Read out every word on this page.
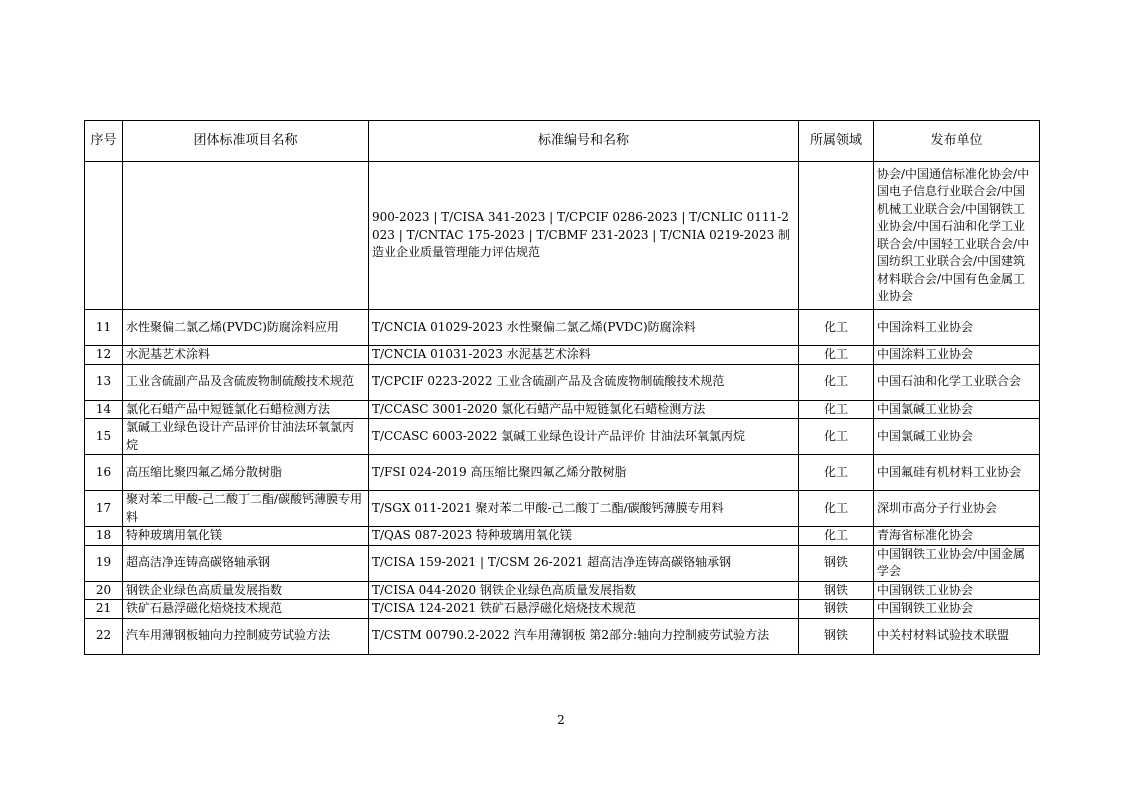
序号	团体标准项目名称	标准编号和名称	所属领域	发布单位
		900-2023 | T/CISA 341-2023 | T/CPCIF 0286-2023 | T/CNLIC 0111-2023 | T/CNTAC 175-2023 | T/CBMF 231-2023 | T/CNIA 0219-2023 制造业企业质量管理能力评估规范		协会/中国通信标准化协会/中国电子信息行业联合会/中国机械工业联合会/中国钢铁工业协会/中国石油和化学工业联合会/中国轻工业联合会/中国纺织工业联合会/中国建筑材料联合会/中国有色金属工业协会
11	水性聚偏二氯乙烯(PVDC)防腐涂料应用	T/CNCIA 01029-2023 水性聚偏二氯乙烯(PVDC)防腐涂料	化工	中国涂料工业协会
12	水泥基艺术涂料	T/CNCIA 01031-2023 水泥基艺术涂料	化工	中国涂料工业协会
13	工业含硫副产品及含硫废物制硫酸技术规范	T/CPCIF 0223-2022 工业含硫副产品及含硫废物制硫酸技术规范	化工	中国石油和化学工业联合会
14	氯化石蜡产品中短链氯化石蜡检测方法	T/CCASC 3001-2020 氯化石蜡产品中短链氯化石蜡检测方法	化工	中国氯碱工业协会
15	氯碱工业绿色设计产品评价甘油法环氧氯丙烷	T/CCASC 6003-2022 氯碱工业绿色设计产品评价 甘油法环氧氯丙烷	化工	中国氯碱工业协会
16	高压缩比聚四氟乙烯分散树脂	T/FSI 024-2019 高压缩比聚四氟乙烯分散树脂	化工	中国氟硅有机材料工业协会
17	聚对苯二甲酸-己二酸丁二酯/碳酸钙薄膜专用料	T/SGX 011-2021 聚对苯二甲酸-己二酸丁二酯/碳酸钙薄膜专用料	化工	深圳市高分子行业协会
18	特种玻璃用氧化镁	T/QAS 087-2023 特种玻璃用氧化镁	化工	青海省标准化协会
19	超高洁净连铸高碳铬轴承钢	T/CISA 159-2021 | T/CSM 26-2021 超高洁净连铸高碳铬轴承钢	钢铁	中国钢铁工业协会/中国金属学会
20	钢铁企业绿色高质量发展指数	T/CISA 044-2020 钢铁企业绿色高质量发展指数	钢铁	中国钢铁工业协会
21	铁矿石悬浮磁化焙烧技术规范	T/CISA 124-2021 铁矿石悬浮磁化焙烧技术规范	钢铁	中国钢铁工业协会
22	汽车用薄钢板轴向力控制疲劳试验方法	T/CSTM 00790.2-2022 汽车用薄钢板 第2部分:轴向力控制疲劳试验方法	钢铁	中关村材料试验技术联盟
2
